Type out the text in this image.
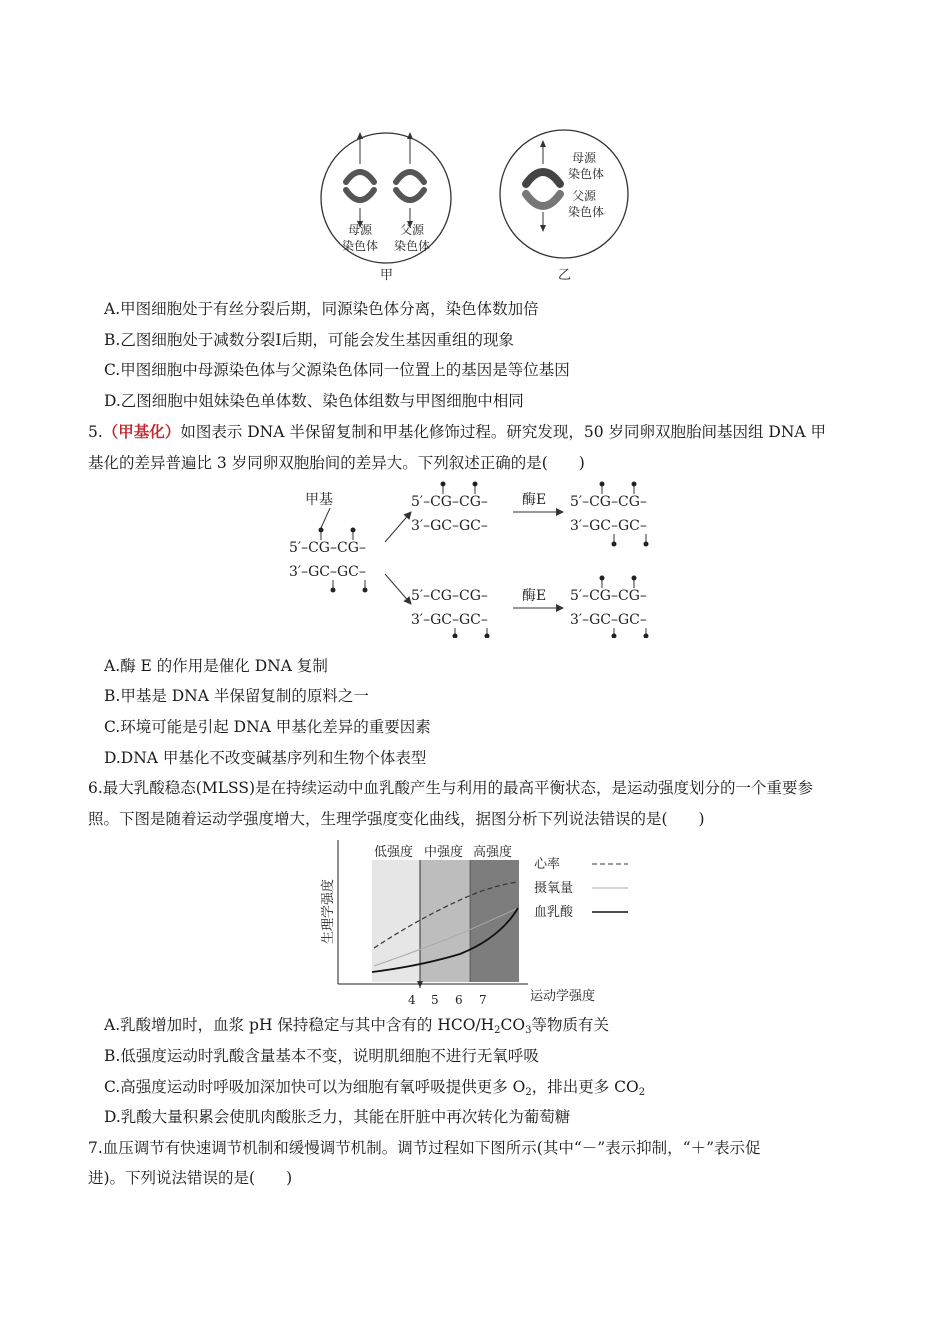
母源
染色体
父源
染色体
甲
母源
染色体
父源
染色体
乙
A.甲图细胞处于有丝分裂后期，同源染色体分离，染色体数加倍
B.乙图细胞处于减数分裂Ⅰ后期，可能会发生基因重组的现象
C.甲图细胞中母源染色体与父源染色体同一位置上的基因是等位基因
D.乙图细胞中姐妹染色单体数、染色体组数与甲图细胞中相同
5.（甲基化）如图表示 DNA 半保留复制和甲基化修饰过程。研究发现，50 岁同卵双胞胎间基因组 DNA 甲
基化的差异普遍比 3 岁同卵双胞胎间的差异大。下列叙述正确的是(　　)
甲基
5′–CG–CG–
3′–GC–GC–
5′–CG–CG–
3′–GC–GC–
酶E 5′–CG–CG–
3′–GC–GC–
5′–CG–CG–
3′–GC–GC–
酶E 5′–CG–CG–
3′–GC–GC–
A.酶 E 的作用是催化 DNA 复制
B.甲基是 DNA 半保留复制的原料之一
C.环境可能是引起 DNA 甲基化差异的重要因素
D.DNA 甲基化不改变碱基序列和生物个体表型
6.最大乳酸稳态(MLSS)是在持续运动中血乳酸产生与利用的最高平衡状态，是运动强度划分的一个重要参
照。下图是随着运动学强度增大，生理学强度变化曲线，据图分析下列说法错误的是(　　)
低强度 中强度 高强度
生理学强度
4 5 6 7	运动学强度
心率
摄氧量
血乳酸
A.乳酸增加时，血浆 pH 保持稳定与其中含有的 HCO/$H_2CO_3$等物质有关
B.低强度运动时乳酸含量基本不变，说明肌细胞不进行无氧呼吸
C.高强度运动时呼吸加深加快可以为细胞有氧呼吸提供更多 $O_2$，排出更多 $CO_2$
D.乳酸大量积累会使肌肉酸胀乏力，其能在肝脏中再次转化为葡萄糖
7.血压调节有快速调节机制和缓慢调节机制。调节过程如下图所示(其中“－”表示抑制，“＋”表示促
进)。下列说法错误的是(　　)
